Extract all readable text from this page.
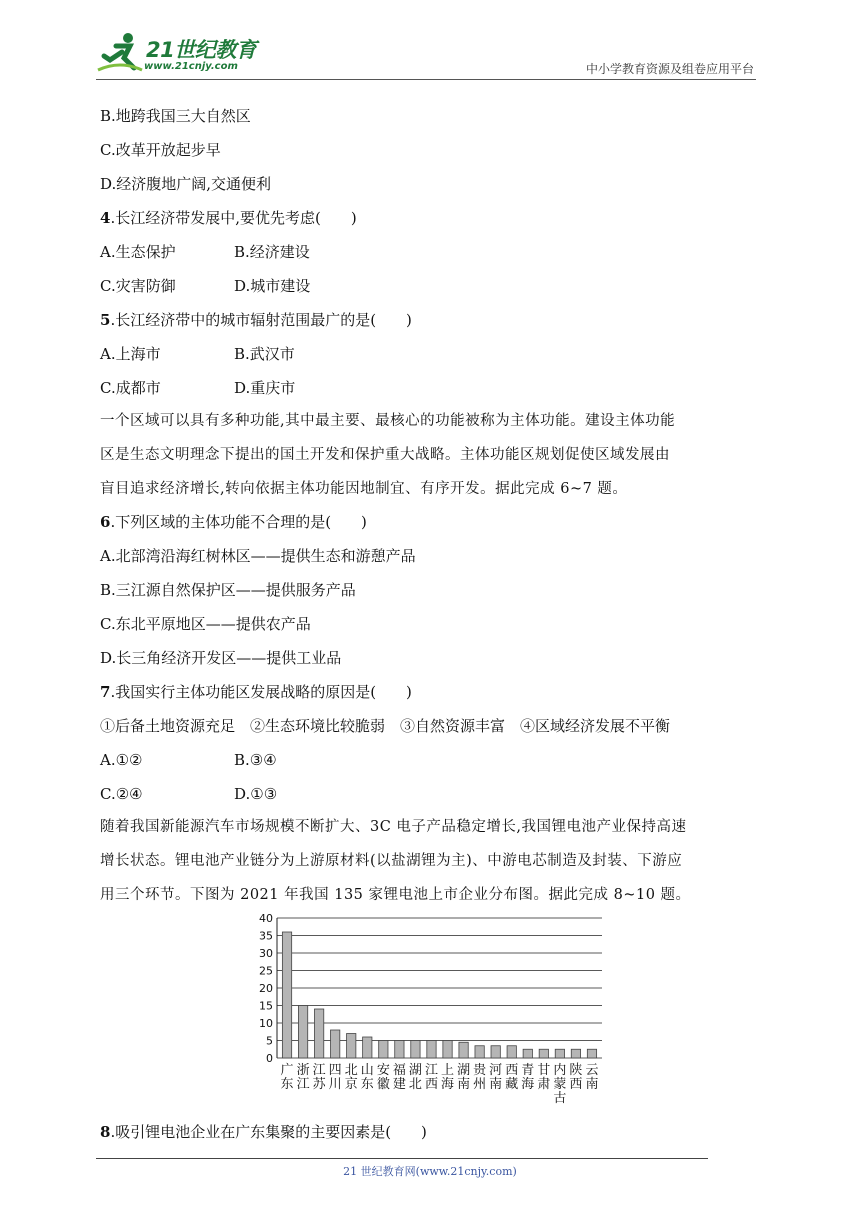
21世纪教育
www.21cnjy.com	中小学教育资源及组卷应用平台
B.地跨我国三大自然区
C.改革开放起步早
D.经济腹地广阔,交通便利
4.长江经济带发展中,要优先考虑(　　)
A.生态保护	B.经济建设
C.灾害防御	D.城市建设
5.长江经济带中的城市辐射范围最广的是(　　)
A.上海市	B.武汉市
C.成都市	D.重庆市
一个区域可以具有多种功能,其中最主要、最核心的功能被称为主体功能。建设主体功能
区是生态文明理念下提出的国土开发和保护重大战略。主体功能区规划促使区域发展由
盲目追求经济增长,转向依据主体功能因地制宜、有序开发。据此完成 6~7 题。
6.下列区域的主体功能不合理的是(　　)
A.北部湾沿海红树林区——提供生态和游憩产品
B.三江源自然保护区——提供服务产品
C.东北平原地区——提供农产品
D.长三角经济开发区——提供工业品
7.我国实行主体功能区发展战略的原因是(　　)
①后备土地资源充足　②生态环境比较脆弱　③自然资源丰富　④区域经济发展不平衡
A.①②	B.③④
C.②④	D.①③
随着我国新能源汽车市场规模不断扩大、3C 电子产品稳定增长,我国锂电池产业保持高速
增长状态。锂电池产业链分为上游原材料(以盐湖锂为主)、中游电芯制造及封装、下游应
用三个环节。下图为 2021 年我国 135 家锂电池上市企业分布图。据此完成 8~10 题。
0
5
10
15
20
25
30
35
40
广东
浙江
江苏
四川
北京
山东
安徽
福建
湖北
江西
上海
湖南
贵州
河南
西藏
青海
甘肃
内蒙古
陕西
云南
8.吸引锂电池企业在广东集聚的主要因素是(　　)
21 世纪教育网(www.21cnjy.com)
